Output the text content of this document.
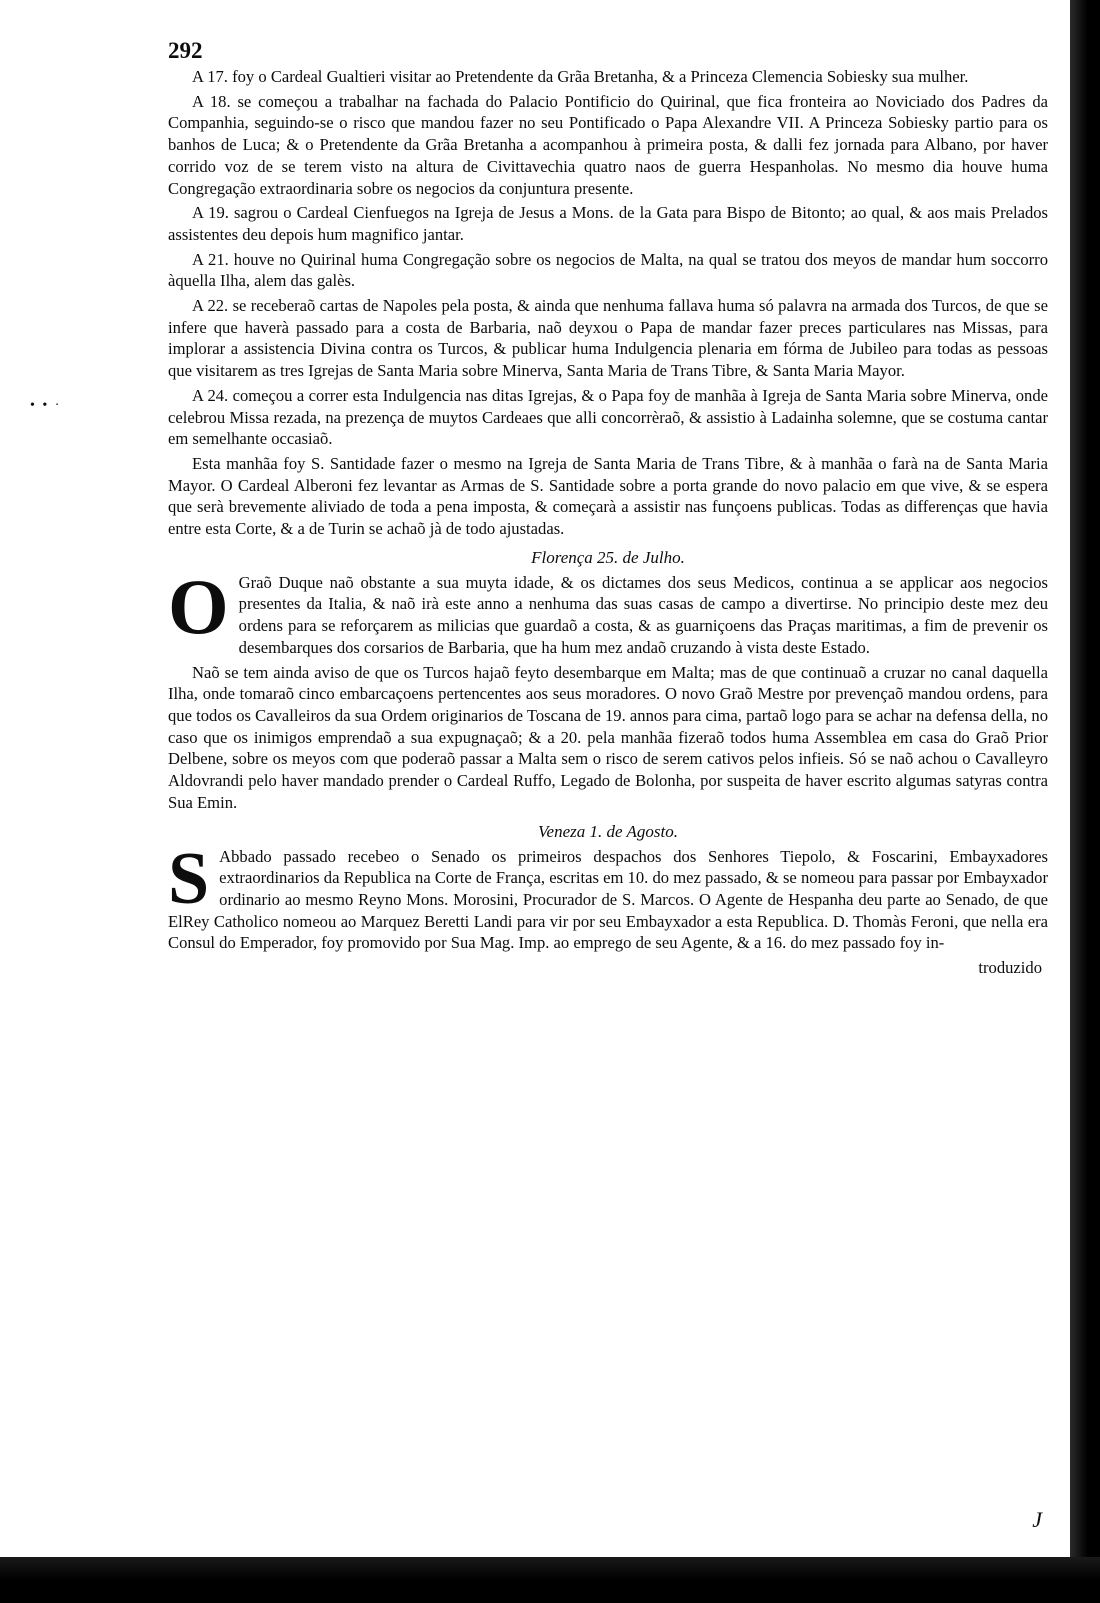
• • ·
292

A 17. foy o Cardeal Gualtieri visitar ao Pretendente da Grãa Bretanha, & a Princeza Clemencia Sobiesky sua mulher.

A 18. se começou a trabalhar na fachada do Palacio Pontificio do Quirinal, que fica fronteira ao Noviciado dos Padres da Companhia, seguindo-se o risco que mandou fazer no seu Pontificado o Papa Alexandre VII. A Princeza Sobiesky partio para os banhos de Luca; & o Pretendente da Grãa Bretanha a acompanhou à primeira posta, & dalli fez jornada para Albano, por haver corrido voz de se terem visto na altura de Civittavechia quatro naos de guerra Hespanholas. No mesmo dia houve huma Congregação extraordinaria sobre os negocios da conjuntura presente.

A 19. sagrou o Cardeal Cienfuegos na Igreja de Jesus a Mons. de la Gata para Bispo de Bitonto; ao qual, & aos mais Prelados assistentes deu depois hum magnifico jantar.

A 21. houve no Quirinal huma Congregação sobre os negocios de Malta, na qual se tratou dos meyos de mandar hum soccorro àquella Ilha, alem das galès.

A 22. se receberaõ cartas de Napoles pela posta, & ainda que nenhuma fallava huma só palavra na armada dos Turcos, de que se infere que haverà passado para a costa de Barbaria, naõ deyxou o Papa de mandar fazer preces particulares nas Missas, para implorar a assistencia Divina contra os Turcos, & publicar huma Indulgencia plenaria em fórma de Jubileo para todas as pessoas que visitarem as tres Igrejas de Santa Maria sobre Minerva, Santa Maria de Trans Tibre, & Santa Maria Mayor.

A 24. começou a correr esta Indulgencia nas ditas Igrejas, & o Papa foy de manhãa à Igreja de Santa Maria sobre Minerva, onde celebrou Missa rezada, na prezença de muytos Cardeaes que alli concorrèraõ, & assistio à Ladainha solemne, que se costuma cantar em semelhante occasiaõ.

Esta manhãa foy S. Santidade fazer o mesmo na Igreja de Santa Maria de Trans Tibre, & à manhãa o farà na de Santa Maria Mayor. O Cardeal Alberoni fez levantar as Armas de S. Santidade sobre a porta grande do novo palacio em que vive, & se espera que serà brevemente aliviado de toda a pena imposta, & começarà a assistir nas funçoens publicas. Todas as differenças que havia entre esta Corte, & a de Turin se achaõ jà de todo ajustadas.

Florença 25. de Julho.

O Graõ Duque naõ obstante a sua muyta idade, & os dictames dos seus Medicos, continua a se applicar aos negocios presentes da Italia, & naõ irà este anno a nenhuma das suas casas de campo a divertirse. No principio deste mez deu ordens para se reforçarem as milicias que guardaõ a costa, & as guarniçoens das Praças maritimas, a fim de prevenir os desembarques dos corsarios de Barbaria, que ha hum mez andaõ cruzando à vista deste Estado.

Naõ se tem ainda aviso de que os Turcos hajaõ feyto desembarque em Malta; mas de que continuaõ a cruzar no canal daquella Ilha, onde tomaraõ cinco embarcaçoens pertencentes aos seus moradores. O novo Graõ Mestre por prevençaõ mandou ordens, para que todos os Cavalleiros da sua Ordem originarios de Toscana de 19. annos para cima, partaõ logo para se achar na defensa della, no caso que os inimigos emprendaõ a sua expugnaçaõ; & a 20. pela manhãa fizeraõ todos huma Assemblea em casa do Graõ Prior Delbene, sobre os meyos com que poderaõ passar a Malta sem o risco de serem cativos pelos infieis. Só se naõ achou o Cavalleyro Aldovrandi pelo haver mandado prender o Cardeal Ruffo, Legado de Bolonha, por suspeita de haver escrito algumas satyras contra Sua Emin.

Veneza 1. de Agosto.

S Abbado passado recebeo o Senado os primeiros despachos dos Senhores Tiepolo, & Foscarini, Embayxadores extraordinarios da Republica na Corte de França, escritas em 10. do mez passado, & se nomeou para passar por Embayxador ordinario ao mesmo Reyno Mons. Morosini, Procurador de S. Marcos. O Agente de Hespanha deu parte ao Senado, de que ElRey Catholico nomeou ao Marquez Beretti Landi para vir por seu Embayxador a esta Republica. D. Thomàs Feroni, que nella era Consul do Emperador, foy promovido por Sua Mag. Imp. ao emprego de seu Agente, & a 16. do mez passado foy in-

troduzido
J
